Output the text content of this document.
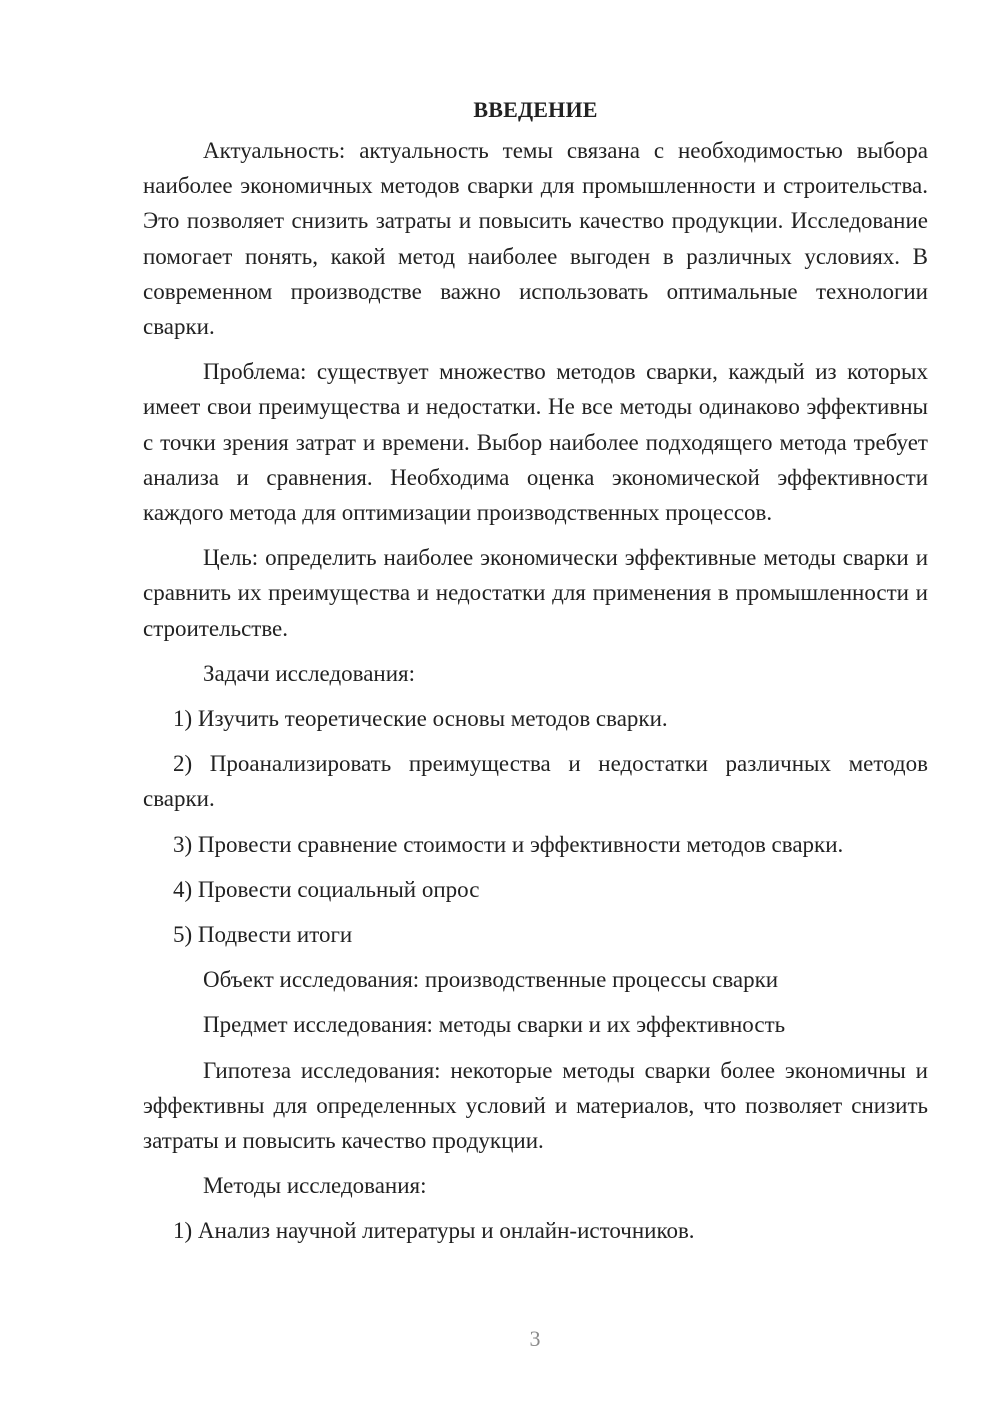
ВВЕДЕНИЕ

Актуальность: актуальность темы связана с необходимостью выбора наиболее экономичных методов сварки для промышленности и строительства. Это позволяет снизить затраты и повысить качество продукции. Исследование помогает понять, какой метод наиболее выгоден в различных условиях. В современном производстве важно использовать оптимальные технологии сварки.

Проблема: существует множество методов сварки, каждый из которых имеет свои преимущества и недостатки. Не все методы одинаково эффективны с точки зрения затрат и времени. Выбор наиболее подходящего метода требует анализа и сравнения. Необходима оценка экономической эффективности каждого метода для оптимизации производственных процессов.

Цель: определить наиболее экономически эффективные методы сварки и сравнить их преимущества и недостатки для применения в промышленности и строительстве.

Задачи исследования:

1) Изучить теоретические основы методов сварки.

2) Проанализировать преимущества и недостатки различных методов сварки.

3) Провести сравнение стоимости и эффективности методов сварки.

4) Провести социальный опрос

5) Подвести итоги

Объект исследования: производственные процессы сварки

Предмет исследования: методы сварки и их эффективность

Гипотеза исследования: некоторые методы сварки более экономичны и эффективны для определенных условий и материалов, что позволяет снизить затраты и повысить качество продукции.

Методы исследования:

1) Анализ научной литературы и онлайн-источников.

3
